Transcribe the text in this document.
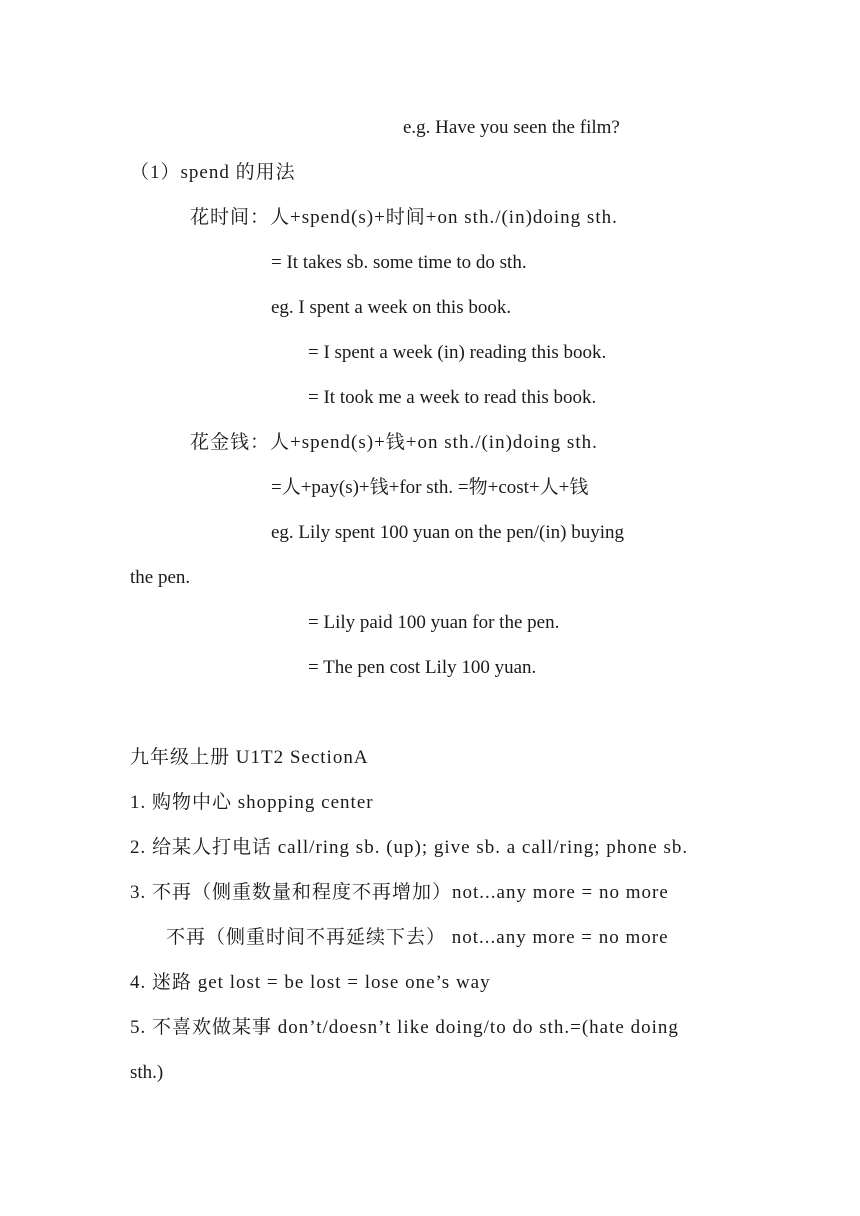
e.g. Have you seen the film?
（1）spend 的用法
花时间：人+spend(s)+时间+on sth./(in)doing sth.
= It takes sb. some time to do sth.
eg. I spent a week on this book.
= I spent a week (in) reading this book.
= It took me a week to read this book.
花金钱：人+spend(s)+钱+on sth./(in)doing sth.
=人+pay(s)+钱+for sth. =物+cost+人+钱
eg. Lily spent 100 yuan on the pen/(in) buying
the pen.
= Lily paid 100 yuan for the pen.
= The pen cost Lily 100 yuan.
九年级上册 U1T2 SectionA
1. 购物中心 shopping center
2. 给某人打电话 call/ring sb. (up); give sb. a call/ring; phone sb.
3. 不再（侧重数量和程度不再增加）not...any more = no more
不再（侧重时间不再延续下去） not...any more = no more
4. 迷路 get lost = be lost = lose one’s way
5. 不喜欢做某事 don’t/doesn’t like doing/to do sth.=(hate doing
sth.)
